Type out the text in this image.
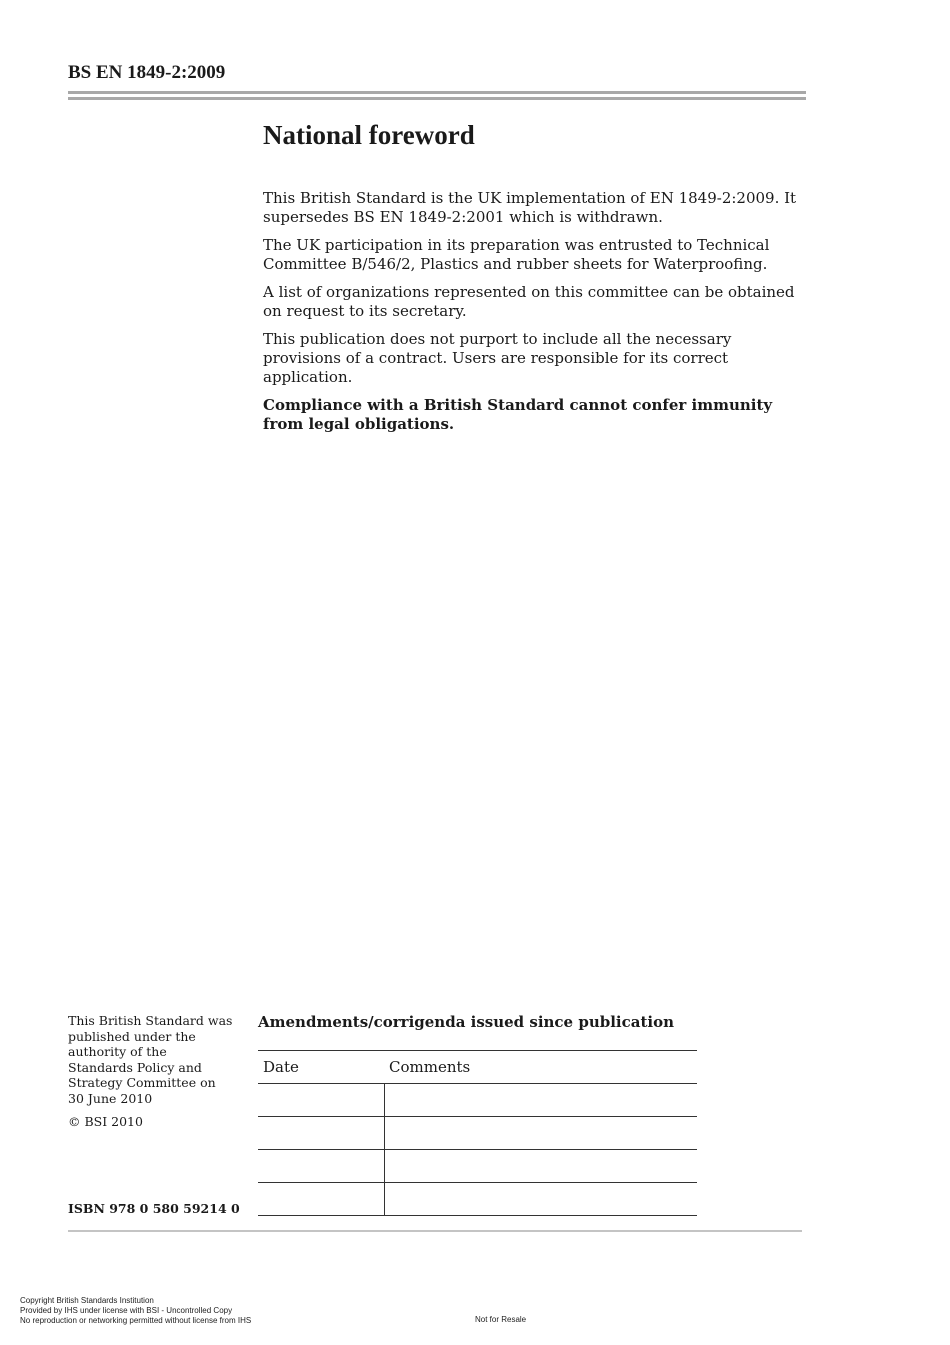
BS EN 1849-2:2009
National foreword

This British Standard is the UK implementation of EN 1849-2:2009. It supersedes BS EN 1849-2:2001 which is withdrawn.

The UK participation in its preparation was entrusted to Technical Committee B/546/2, Plastics and rubber sheets for Waterproofing.

A list of organizations represented on this committee can be obtained on request to its secretary.

This publication does not purport to include all the necessary provisions of a contract. Users are responsible for its correct application.

Compliance with a British Standard cannot confer immunity from legal obligations.

This British Standard was published under the authority of the Standards Policy and Strategy Committee on 30 June 2010

© BSI 2010

ISBN 978 0 580 59214 0
Amendments/corrigenda issued since publication
Date	Comments

Copyright British Standards Institution
Provided by IHS under license with BSI - Uncontrolled Copy
No reproduction or networking permitted without license from IHS	Not for Resale
